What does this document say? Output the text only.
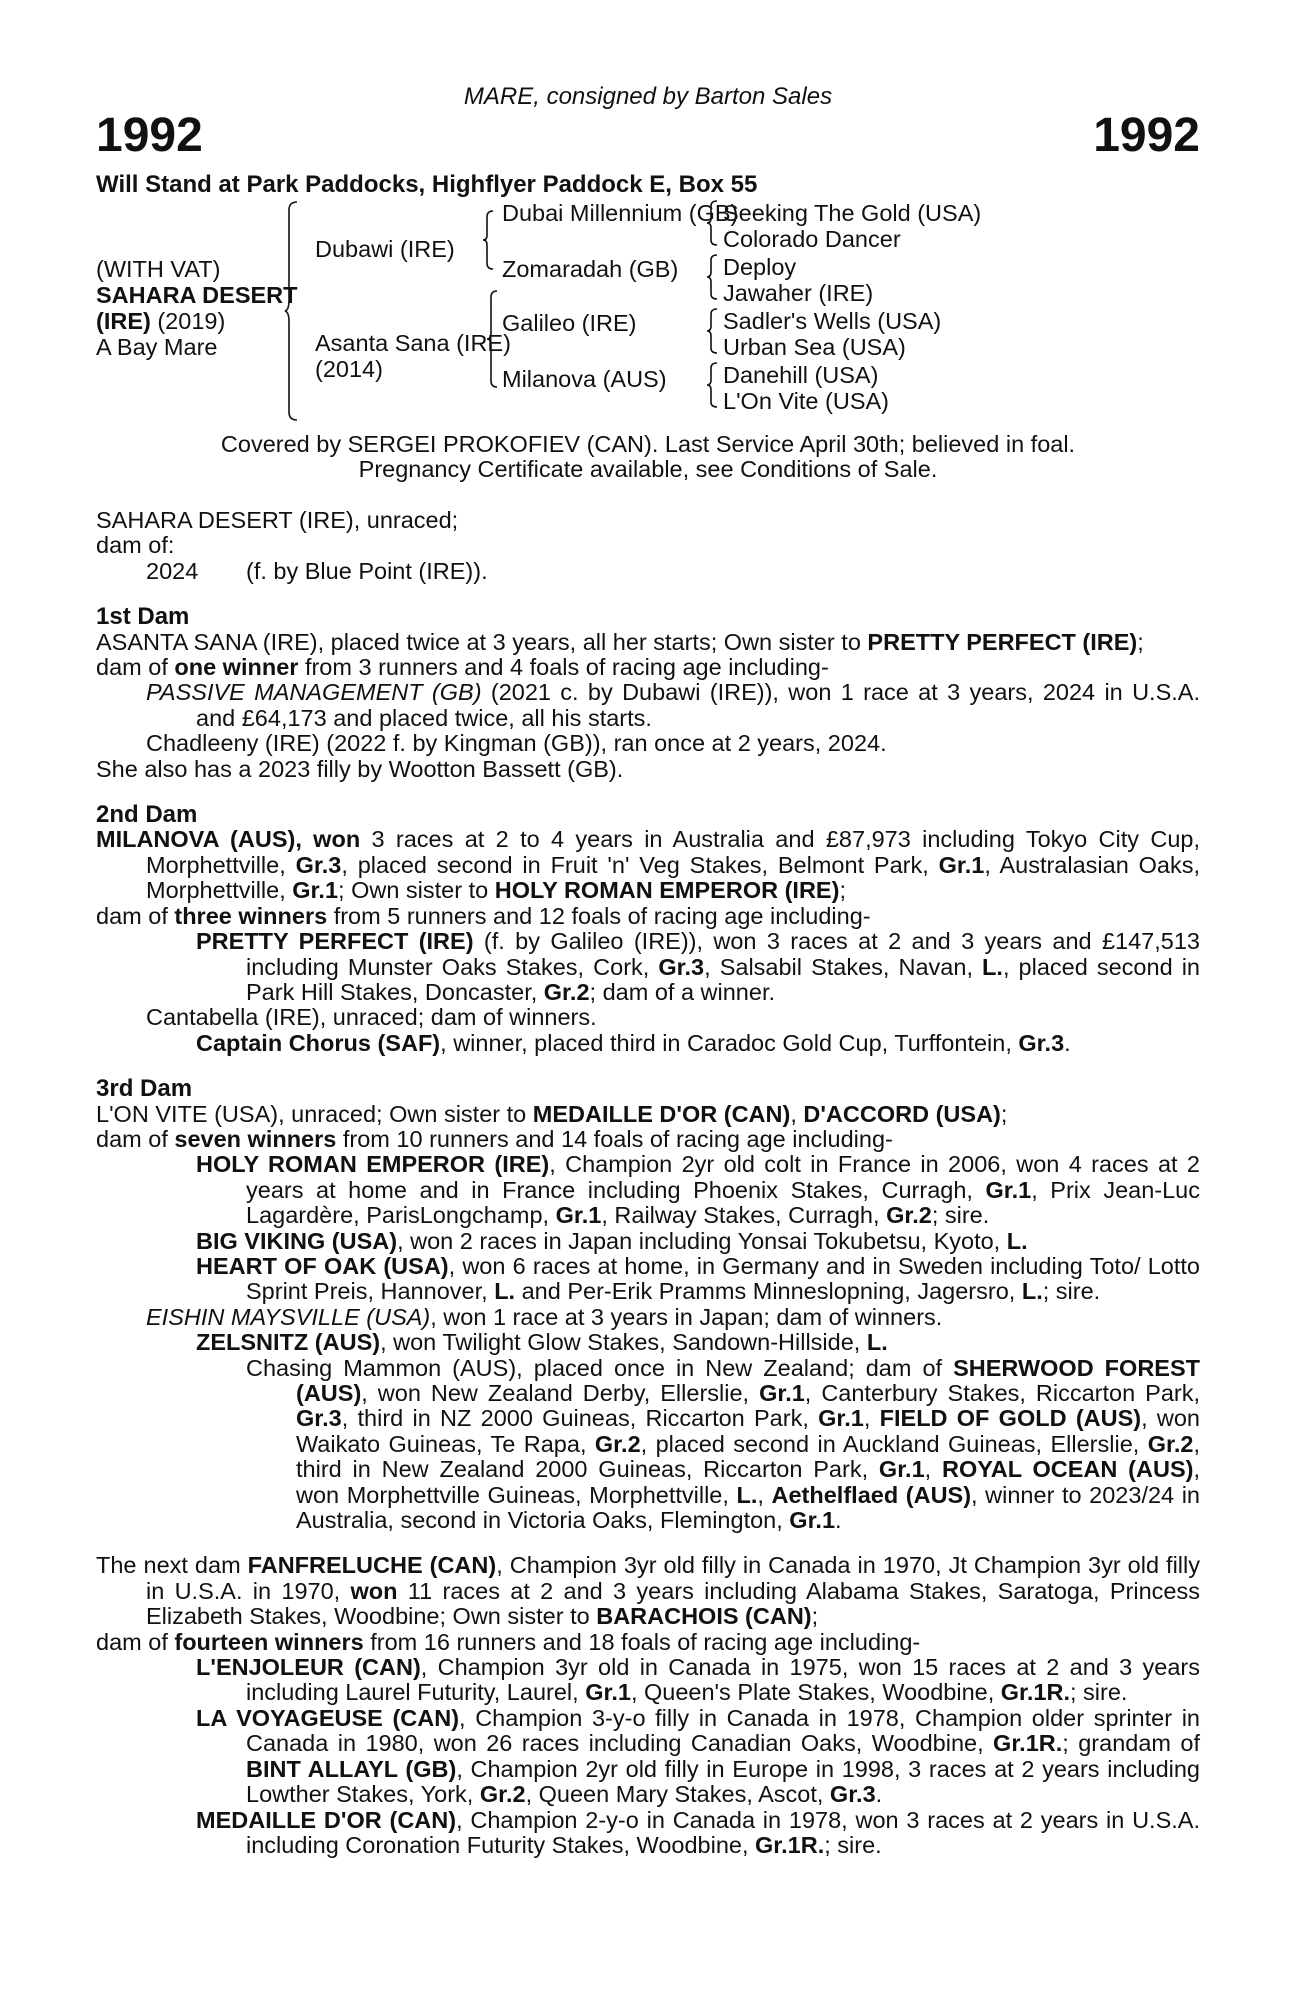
MARE, consigned by Barton Sales
1992	1992
Will Stand at Park Paddocks, Highflyer Paddock E, Box 55
(WITH VAT)
SAHARA DESERT
(IRE) (2019)
A Bay Mare
Dubawi (IRE)
Asanta Sana (IRE)
(2014)
Dubai Millennium (GB)
Zomaradah (GB)
Galileo (IRE)
Milanova (AUS)
Seeking The Gold (USA)
Colorado Dancer
Deploy
Jawaher (IRE)
Sadler's Wells (USA)
Urban Sea (USA)
Danehill (USA)
L'On Vite (USA)
Covered by SERGEI PROKOFIEV (CAN). Last Service April 30th; believed in foal.
Pregnancy Certificate available, see Conditions of Sale.

SAHARA DESERT (IRE), unraced;

dam of:

2024 (f. by Blue Point (IRE)).

1st Dam

ASANTA SANA (IRE), placed twice at 3 years, all her starts; Own sister to PRETTY PERFECT (IRE);

dam of one winner from 3 runners and 4 foals of racing age including-

PASSIVE MANAGEMENT (GB) (2021 c. by Dubawi (IRE)), won 1 race at 3 years, 2024 in U.S.A. and £64,173 and placed twice, all his starts.

Chadleeny (IRE) (2022 f. by Kingman (GB)), ran once at 2 years, 2024.

She also has a 2023 filly by Wootton Bassett (GB).

2nd Dam

MILANOVA (AUS), won 3 races at 2 to 4 years in Australia and £87,973 including Tokyo City Cup, Morphettville, Gr.3, placed second in Fruit 'n' Veg Stakes, Belmont Park, Gr.1, Australasian Oaks, Morphettville, Gr.1; Own sister to HOLY ROMAN EMPEROR (IRE);

dam of three winners from 5 runners and 12 foals of racing age including-

PRETTY PERFECT (IRE) (f. by Galileo (IRE)), won 3 races at 2 and 3 years and £147,513 including Munster Oaks Stakes, Cork, Gr.3, Salsabil Stakes, Navan, L., placed second in Park Hill Stakes, Doncaster, Gr.2; dam of a winner.

Cantabella (IRE), unraced; dam of winners.

Captain Chorus (SAF), winner, placed third in Caradoc Gold Cup, Turffontein, Gr.3.

3rd Dam

L'ON VITE (USA), unraced; Own sister to MEDAILLE D'OR (CAN), D'ACCORD (USA);

dam of seven winners from 10 runners and 14 foals of racing age including-

HOLY ROMAN EMPEROR (IRE), Champion 2yr old colt in France in 2006, won 4 races at 2 years at home and in France including Phoenix Stakes, Curragh, Gr.1, Prix Jean-Luc Lagardère, ParisLongchamp, Gr.1, Railway Stakes, Curragh, Gr.2; sire.

BIG VIKING (USA), won 2 races in Japan including Yonsai Tokubetsu, Kyoto, L.

HEART OF OAK (USA), won 6 races at home, in Germany and in Sweden including Toto/ Lotto Sprint Preis, Hannover, L. and Per-Erik Pramms Minneslopning, Jagersro, L.; sire.

EISHIN MAYSVILLE (USA), won 1 race at 3 years in Japan; dam of winners.

ZELSNITZ (AUS), won Twilight Glow Stakes, Sandown-Hillside, L.

Chasing Mammon (AUS), placed once in New Zealand; dam of SHERWOOD FOREST (AUS), won New Zealand Derby, Ellerslie, Gr.1, Canterbury Stakes, Riccarton Park, Gr.3, third in NZ 2000 Guineas, Riccarton Park, Gr.1, FIELD OF GOLD (AUS), won Waikato Guineas, Te Rapa, Gr.2, placed second in Auckland Guineas, Ellerslie, Gr.2, third in New Zealand 2000 Guineas, Riccarton Park, Gr.1, ROYAL OCEAN (AUS), won Morphettville Guineas, Morphettville, L., Aethelflaed (AUS), winner to 2023/24 in Australia, second in Victoria Oaks, Flemington, Gr.1.

The next dam FANFRELUCHE (CAN), Champion 3yr old filly in Canada in 1970, Jt Champion 3yr old filly in U.S.A. in 1970, won 11 races at 2 and 3 years including Alabama Stakes, Saratoga, Princess Elizabeth Stakes, Woodbine; Own sister to BARACHOIS (CAN);

dam of fourteen winners from 16 runners and 18 foals of racing age including-

L'ENJOLEUR (CAN), Champion 3yr old in Canada in 1975, won 15 races at 2 and 3 years including Laurel Futurity, Laurel, Gr.1, Queen's Plate Stakes, Woodbine, Gr.1R.; sire.

LA VOYAGEUSE (CAN), Champion 3-y-o filly in Canada in 1978, Champion older sprinter in Canada in 1980, won 26 races including Canadian Oaks, Woodbine, Gr.1R.; grandam of BINT ALLAYL (GB), Champion 2yr old filly in Europe in 1998, 3 races at 2 years including Lowther Stakes, York, Gr.2, Queen Mary Stakes, Ascot, Gr.3.

MEDAILLE D'OR (CAN), Champion 2-y-o in Canada in 1978, won 3 races at 2 years in U.S.A. including Coronation Futurity Stakes, Woodbine, Gr.1R.; sire.
